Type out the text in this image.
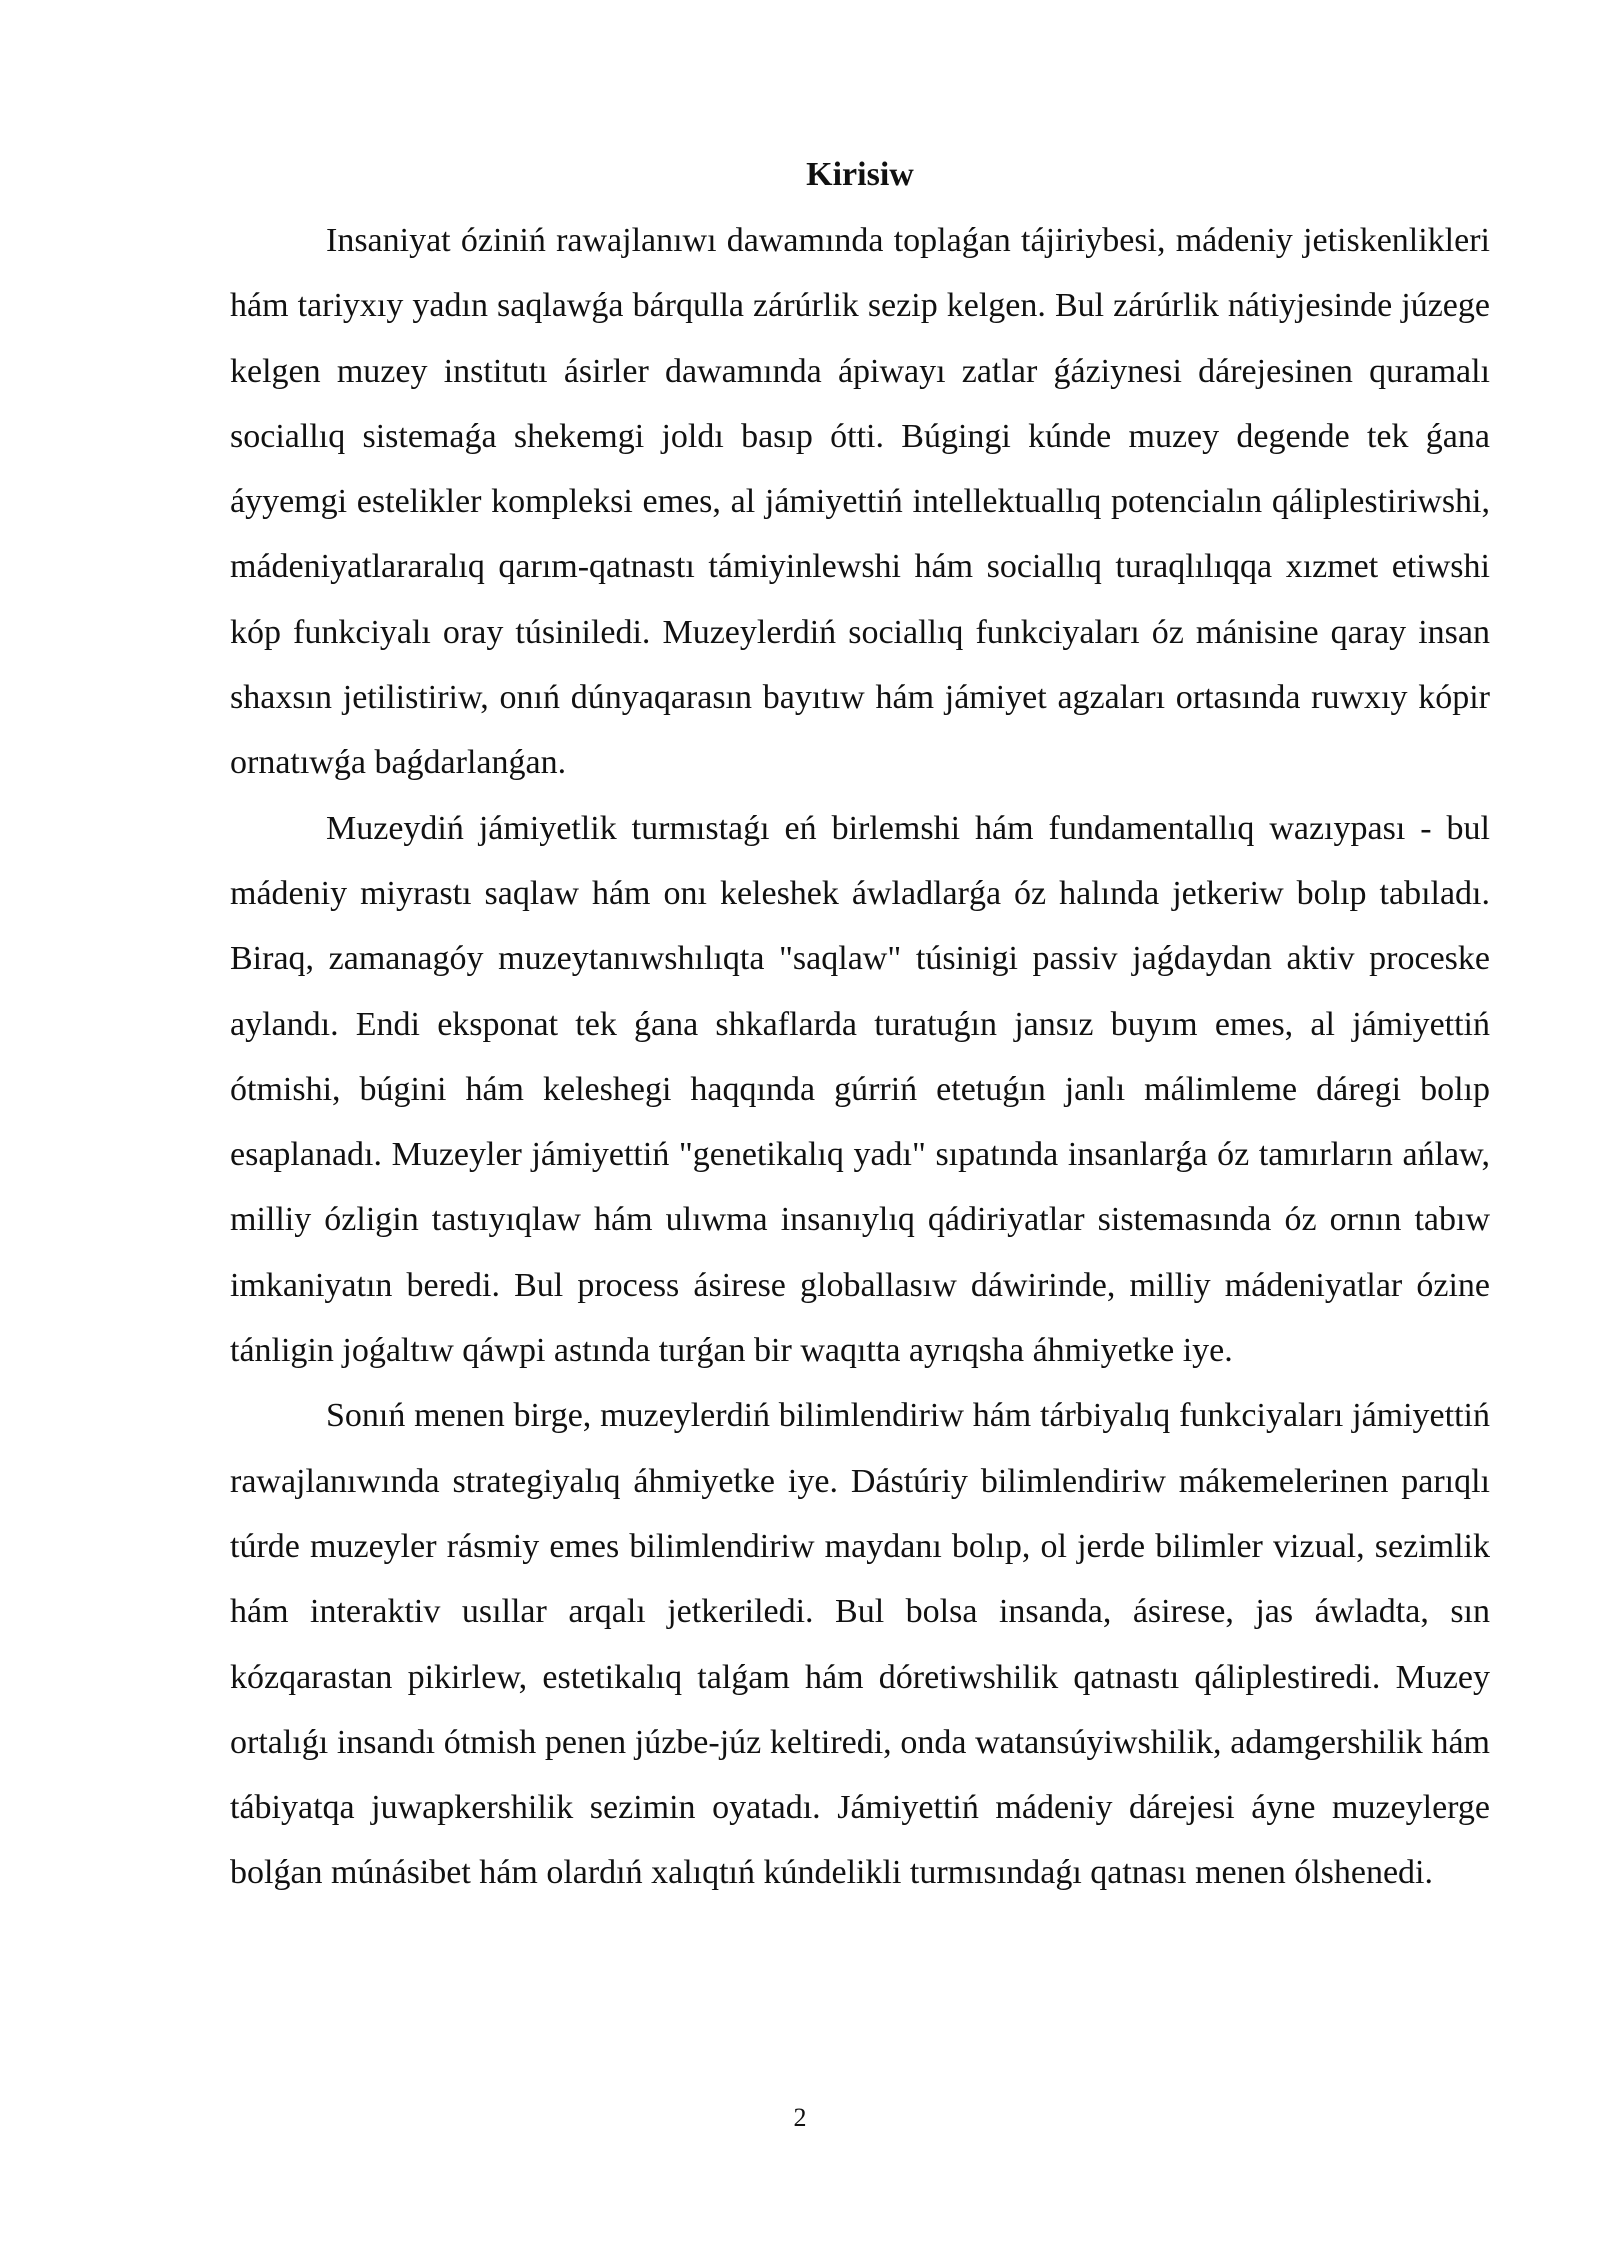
Kirisiw

Insaniyat óziniń rawajlanıwı dawamında toplaǵan tájiriybesi, mádeniy jetiskenlikleri hám tariyxıy yadın saqlawǵa bárqulla zárúrlik sezip kelgen. Bul zárúrlik nátiyjesinde júzege kelgen muzey institutı ásirler dawamında ápiwayı zatlar ǵáziynesi dárejesinen quramalı sociallıq sistemaǵa shekemgi joldı basıp ótti. Búgingi kúnde muzey degende tek ǵana áyyemgi estelikler kompleksi emes, al jámiyettiń intellektuallıq potencialın qáliplestiriwshi, mádeniyatlararalıq qarım-qatnastı támiyinlewshi hám sociallıq turaqlılıqqa xızmet etiwshi kóp funkciyalı oray túsiniledi. Muzeylerdiń sociallıq funkciyaları óz mánisine qaray insan shaxsın jetilistiriw, onıń dúnyaqarasın bayıtıw hám jámiyet agzaları ortasında ruwxıy kópir ornatıwǵa baǵdarlanǵan.

Muzeydiń jámiyetlik turmıstaǵı eń birlemshi hám fundamentallıq wazıypası - bul mádeniy miyrastı saqlaw hám onı keleshek áwladlarǵa óz halında jetkeriw bolıp tabıladı. Biraq, zamanagóy muzeytanıwshılıqta "saqlaw" túsinigi passiv jaǵdaydan aktiv proceske aylandı. Endi eksponat tek ǵana shkaflarda turatuǵın jansız buyım emes, al jámiyettiń ótmishi, búgini hám keleshegi haqqında gúrriń etetuǵın janlı málimleme dáregi bolıp esaplanadı. Muzeyler jámiyettiń "genetikalıq yadı" sıpatında insanlarǵa óz tamırların ańlaw, milliy ózligin tastıyıqlaw hám ulıwma insanıylıq qádiriyatlar sistemasında óz ornın tabıw imkaniyatın beredi. Bul process ásirese globallasıw dáwirinde, milliy mádeniyatlar ózine tánligin joǵaltıw qáwpi astında turǵan bir waqıtta ayrıqsha áhmiyetke iye.

Sonıń menen birge, muzeylerdiń bilimlendiriw hám tárbiyalıq funkciyaları jámiyettiń rawajlanıwında strategiyalıq áhmiyetke iye. Dástúriy bilimlendiriw mákemelerinen parıqlı túrde muzeyler rásmiy emes bilimlendiriw maydanı bolıp, ol jerde bilimler vizual, sezimlik hám interaktiv usıllar arqalı jetkeriledi. Bul bolsa insanda, ásirese, jas áwladta, sın kózqarastan pikirlew, estetikalıq talǵam hám dóretiwshilik qatnastı qáliplestiredi. Muzey ortalıǵı insandı ótmish penen júzbe-júz keltiredi, onda watansúyiwshilik, adamgershilik hám tábiyatqa juwapkershilik sezimin oyatadı. Jámiyettiń mádeniy dárejesi áyne muzeylerge bolǵan múnásibet hám olardıń xalıqtıń kúndelikli turmısındaǵı qatnası menen ólshenedi.

2
